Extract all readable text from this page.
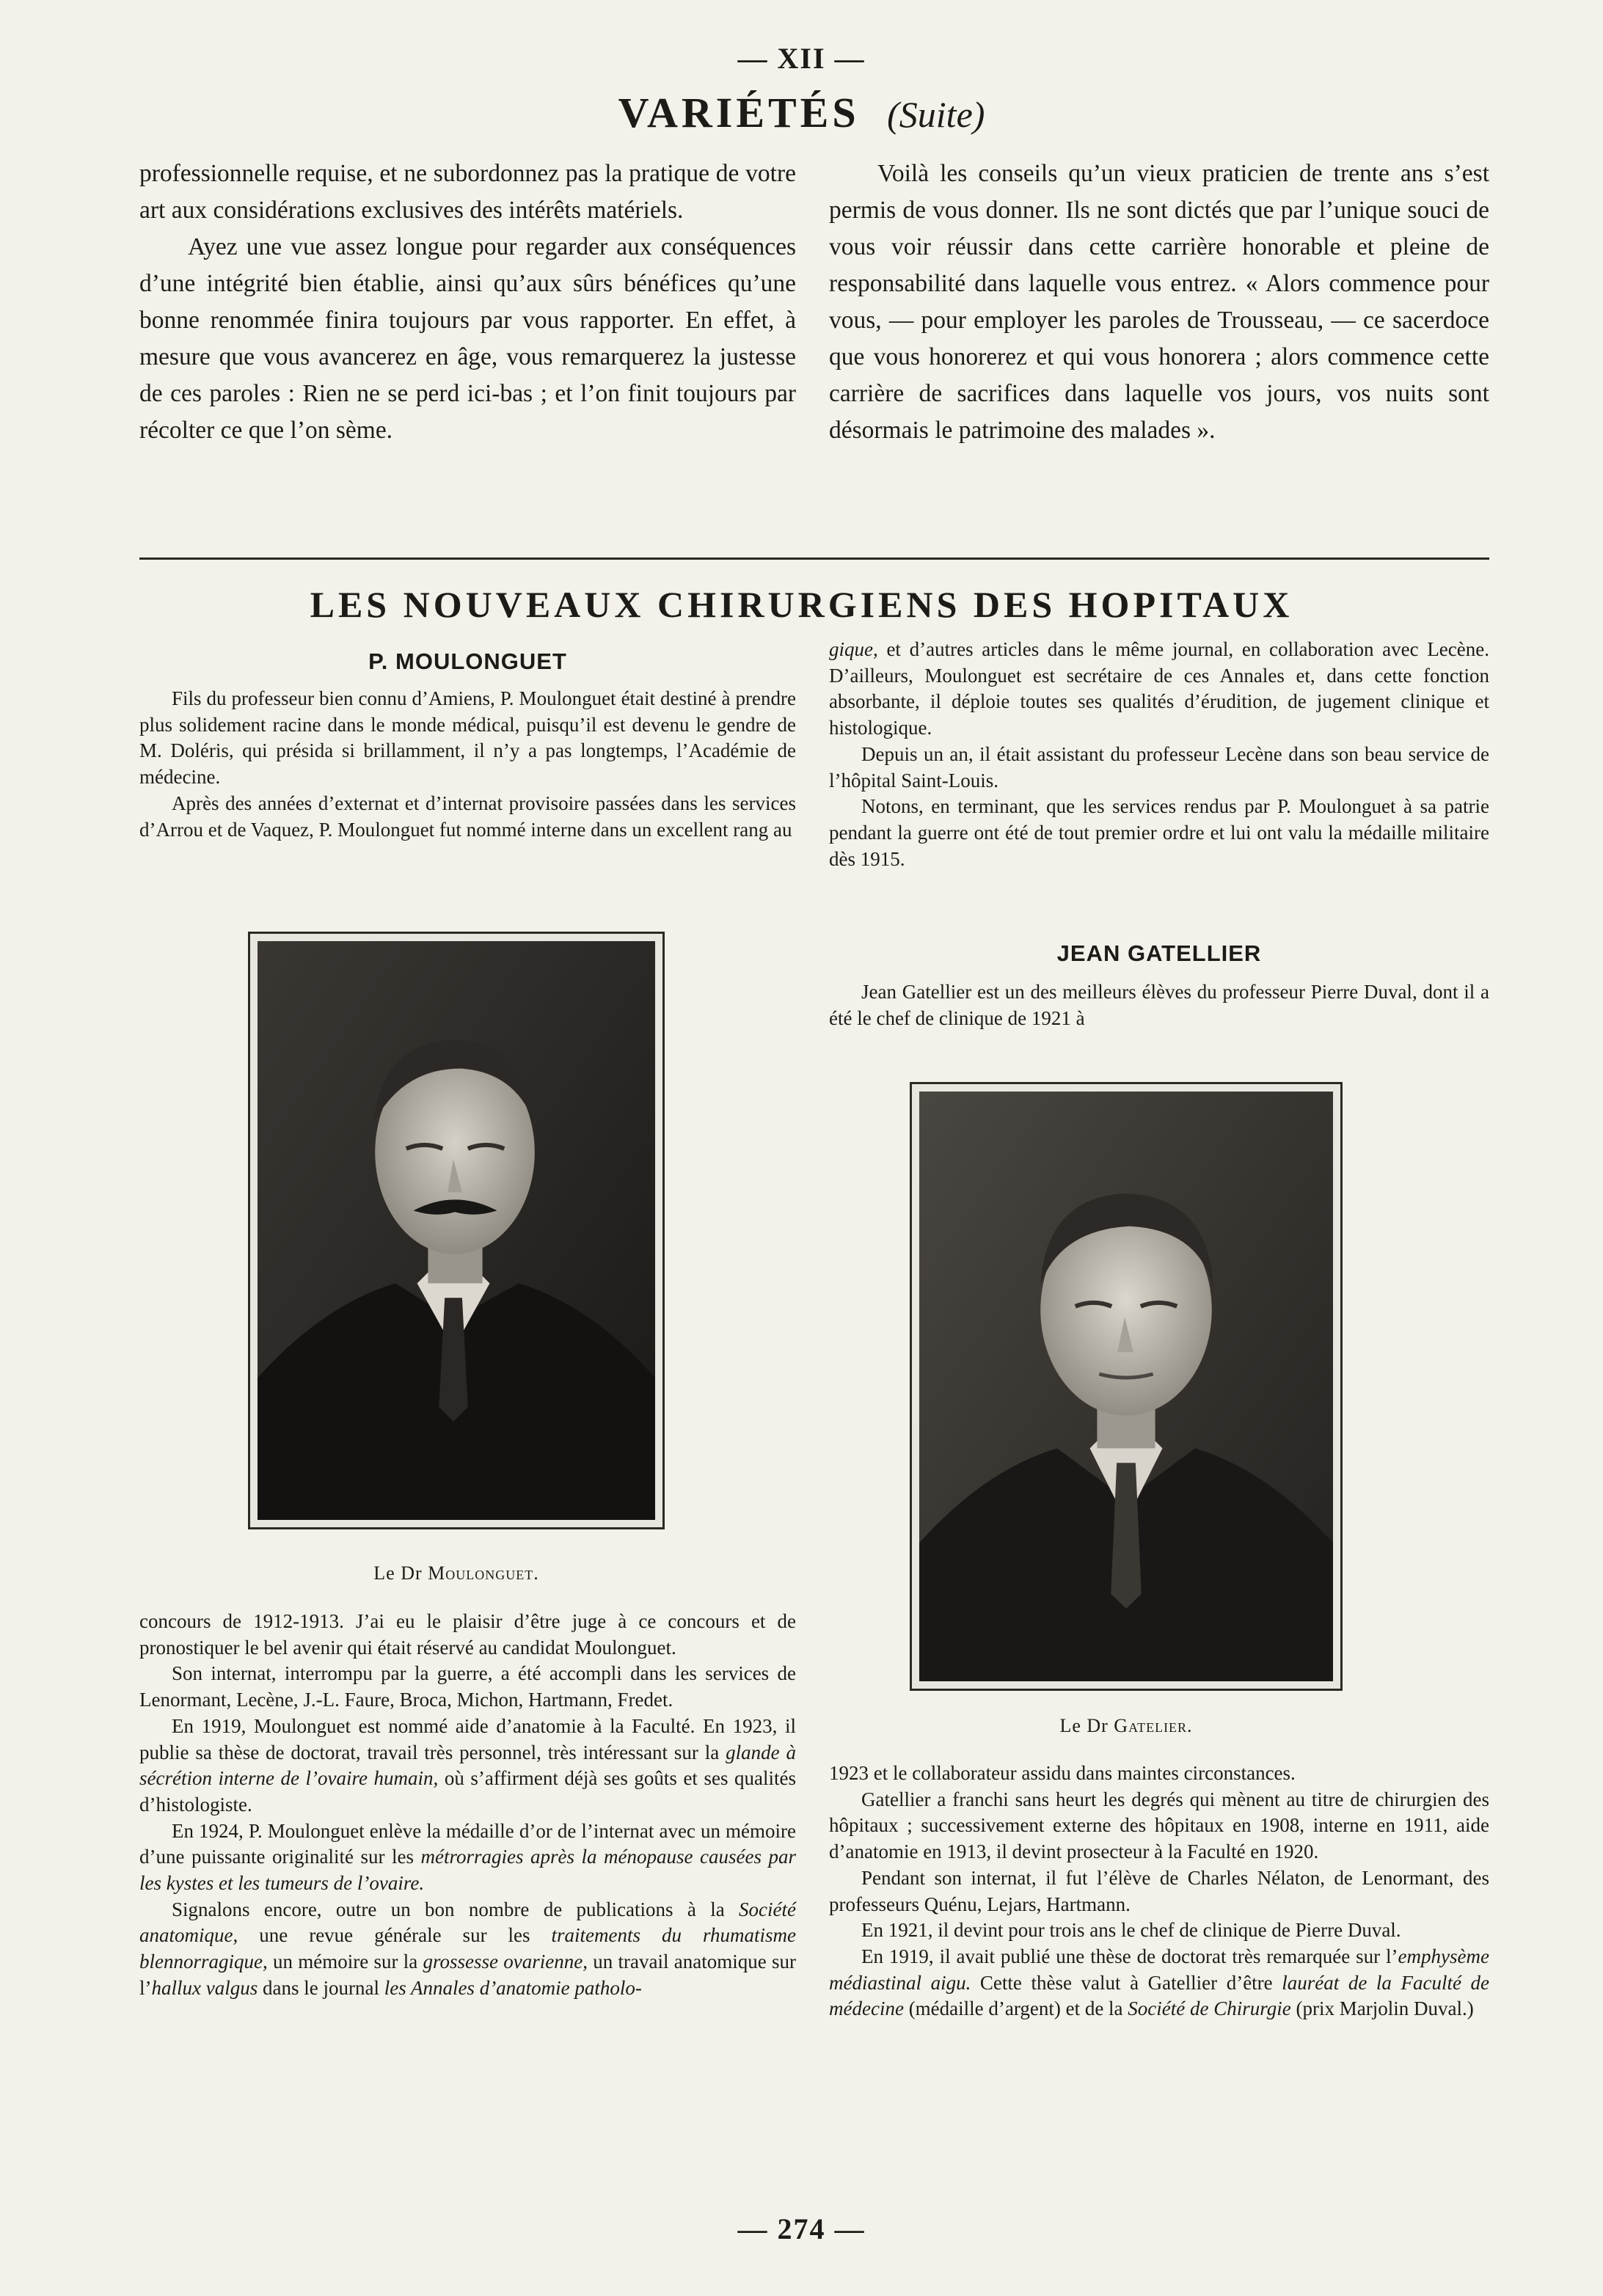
— XII —
VARIÉTÉS (Suite)

professionnelle requise, et ne subordonnez pas la pratique de votre art aux considérations exclusives des intérêts matériels.

Ayez une vue assez longue pour regarder aux conséquences d’une intégrité bien établie, ainsi qu’aux sûrs bénéfices qu’une bonne renommée finira toujours par vous rapporter. En effet, à mesure que vous avancerez en âge, vous remarquerez la justesse de ces paroles : Rien ne se perd ici-bas ; et l’on finit toujours par récolter ce que l’on sème.

Voilà les conseils qu’un vieux praticien de trente ans s’est permis de vous donner. Ils ne sont dictés que par l’unique souci de vous voir réussir dans cette carrière honorable et pleine de responsabilité dans laquelle vous entrez. « Alors commence pour vous, — pour employer les paroles de Trousseau, — ce sacerdoce que vous honorerez et qui vous honorera ; alors commence cette carrière de sacrifices dans laquelle vos jours, vos nuits sont désormais le patrimoine des malades ».

LES NOUVEAUX CHIRURGIENS DES HOPITAUX
P. MOULONGUET

Fils du professeur bien connu d’Amiens, P. Moulonguet était destiné à prendre plus solidement racine dans le monde médical, puisqu’il est devenu le gendre de M. Doléris, qui présida si brillamment, il n’y a pas longtemps, l’Académie de médecine.

Après des années d’externat et d’internat provisoire passées dans les services d’Arrou et de Vaquez, P. Moulonguet fut nommé interne dans un excellent rang au

Le Dr Moulonguet.

concours de 1912-1913. J’ai eu le plaisir d’être juge à ce concours et de pronostiquer le bel avenir qui était réservé au candidat Moulonguet.

Son internat, interrompu par la guerre, a été accompli dans les services de Lenormant, Lecène, J.-L. Faure, Broca, Michon, Hartmann, Fredet.

En 1919, Moulonguet est nommé aide d’anatomie à la Faculté. En 1923, il publie sa thèse de doctorat, travail très personnel, très intéressant sur la glande à sécrétion interne de l’ovaire humain, où s’affirment déjà ses goûts et ses qualités d’histologiste.

En 1924, P. Moulonguet enlève la médaille d’or de l’internat avec un mémoire d’une puissante originalité sur les métrorragies après la ménopause causées par les kystes et les tumeurs de l’ovaire.

Signalons encore, outre un bon nombre de publications à la Société anatomique, une revue générale sur les traitements du rhumatisme blennorragique, un mémoire sur la grossesse ovarienne, un travail anatomique sur l’hallux valgus dans le journal les Annales d’anatomie patholo-

gique, et d’autres articles dans le même journal, en collaboration avec Lecène. D’ailleurs, Moulonguet est secrétaire de ces Annales et, dans cette fonction absorbante, il déploie toutes ses qualités d’érudition, de jugement clinique et histologique.

Depuis un an, il était assistant du professeur Lecène dans son beau service de l’hôpital Saint-Louis.

Notons, en terminant, que les services rendus par P. Moulonguet à sa patrie pendant la guerre ont été de tout premier ordre et lui ont valu la médaille militaire dès 1915.

JEAN GATELLIER

Jean Gatellier est un des meilleurs élèves du professeur Pierre Duval, dont il a été le chef de clinique de 1921 à

Le Dr Gatelier.

1923 et le collaborateur assidu dans maintes circonstances.

Gatellier a franchi sans heurt les degrés qui mènent au titre de chirurgien des hôpitaux ; successivement externe des hôpitaux en 1908, interne en 1911, aide d’anatomie en 1913, il devint prosecteur à la Faculté en 1920.

Pendant son internat, il fut l’élève de Charles Nélaton, de Lenormant, des professeurs Quénu, Lejars, Hartmann.

En 1921, il devint pour trois ans le chef de clinique de Pierre Duval.

En 1919, il avait publié une thèse de doctorat très remarquée sur l’emphysème médiastinal aigu. Cette thèse valut à Gatellier d’être lauréat de la Faculté de médecine (médaille d’argent) et de la Société de Chirurgie (prix Marjolin Duval.)

— 274 —
